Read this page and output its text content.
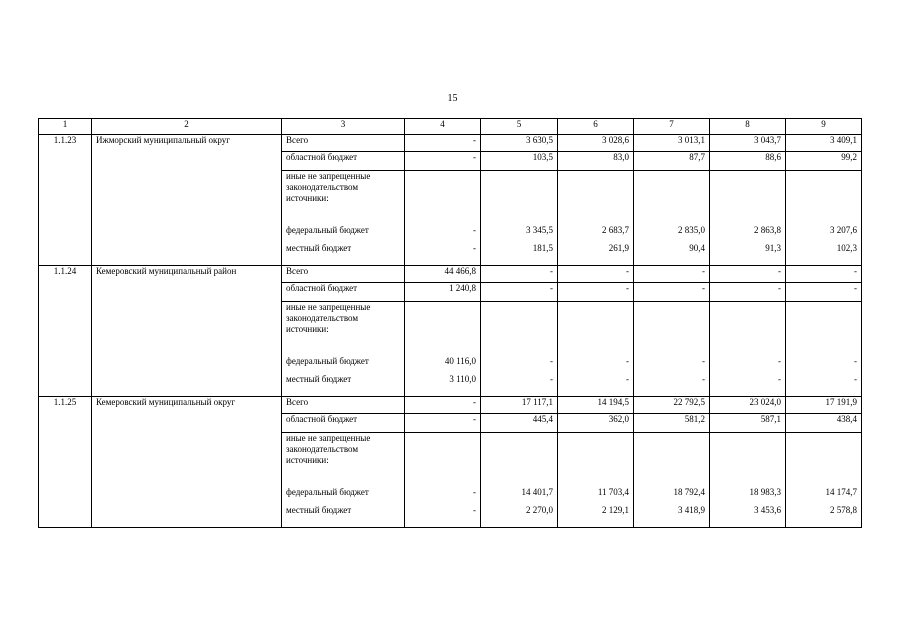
15
1	2	3	4	5	6	7	8	9
1.1.23	Ижморский муниципальный округ	Всего	-	3 630,5	3 028,6	3 013,1	3 043,7	3 409,1
		областной бюджет	-	103,5	83,0	87,7	88,6	99,2
		иные не запрещенные законодательством источники:						
		федеральный бюджет	-	3 345,5	2 683,7	2 835,0	2 863,8	3 207,6
		местный бюджет	-	181,5	261,9	90,4	91,3	102,3
1.1.24	Кемеровский муниципальный район	Всего	44 466,8	-	-	-	-	-
		областной бюджет	1 240,8	-	-	-	-	-
		иные не запрещенные законодательством источники:						
		федеральный бюджет	40 116,0	-	-	-	-	-
		местный бюджет	3 110,0	-	-	-	-	-
1.1.25	Кемеровский муниципальный округ	Всего	-	17 117,1	14 194,5	22 792,5	23 024,0	17 191,9
		областной бюджет	-	445,4	362,0	581,2	587,1	438,4
		иные не запрещенные законодательством источники:						
		федеральный бюджет	-	14 401,7	11 703,4	18 792,4	18 983,3	14 174,7
		местный бюджет	-	2 270,0	2 129,1	3 418,9	3 453,6	2 578,8
